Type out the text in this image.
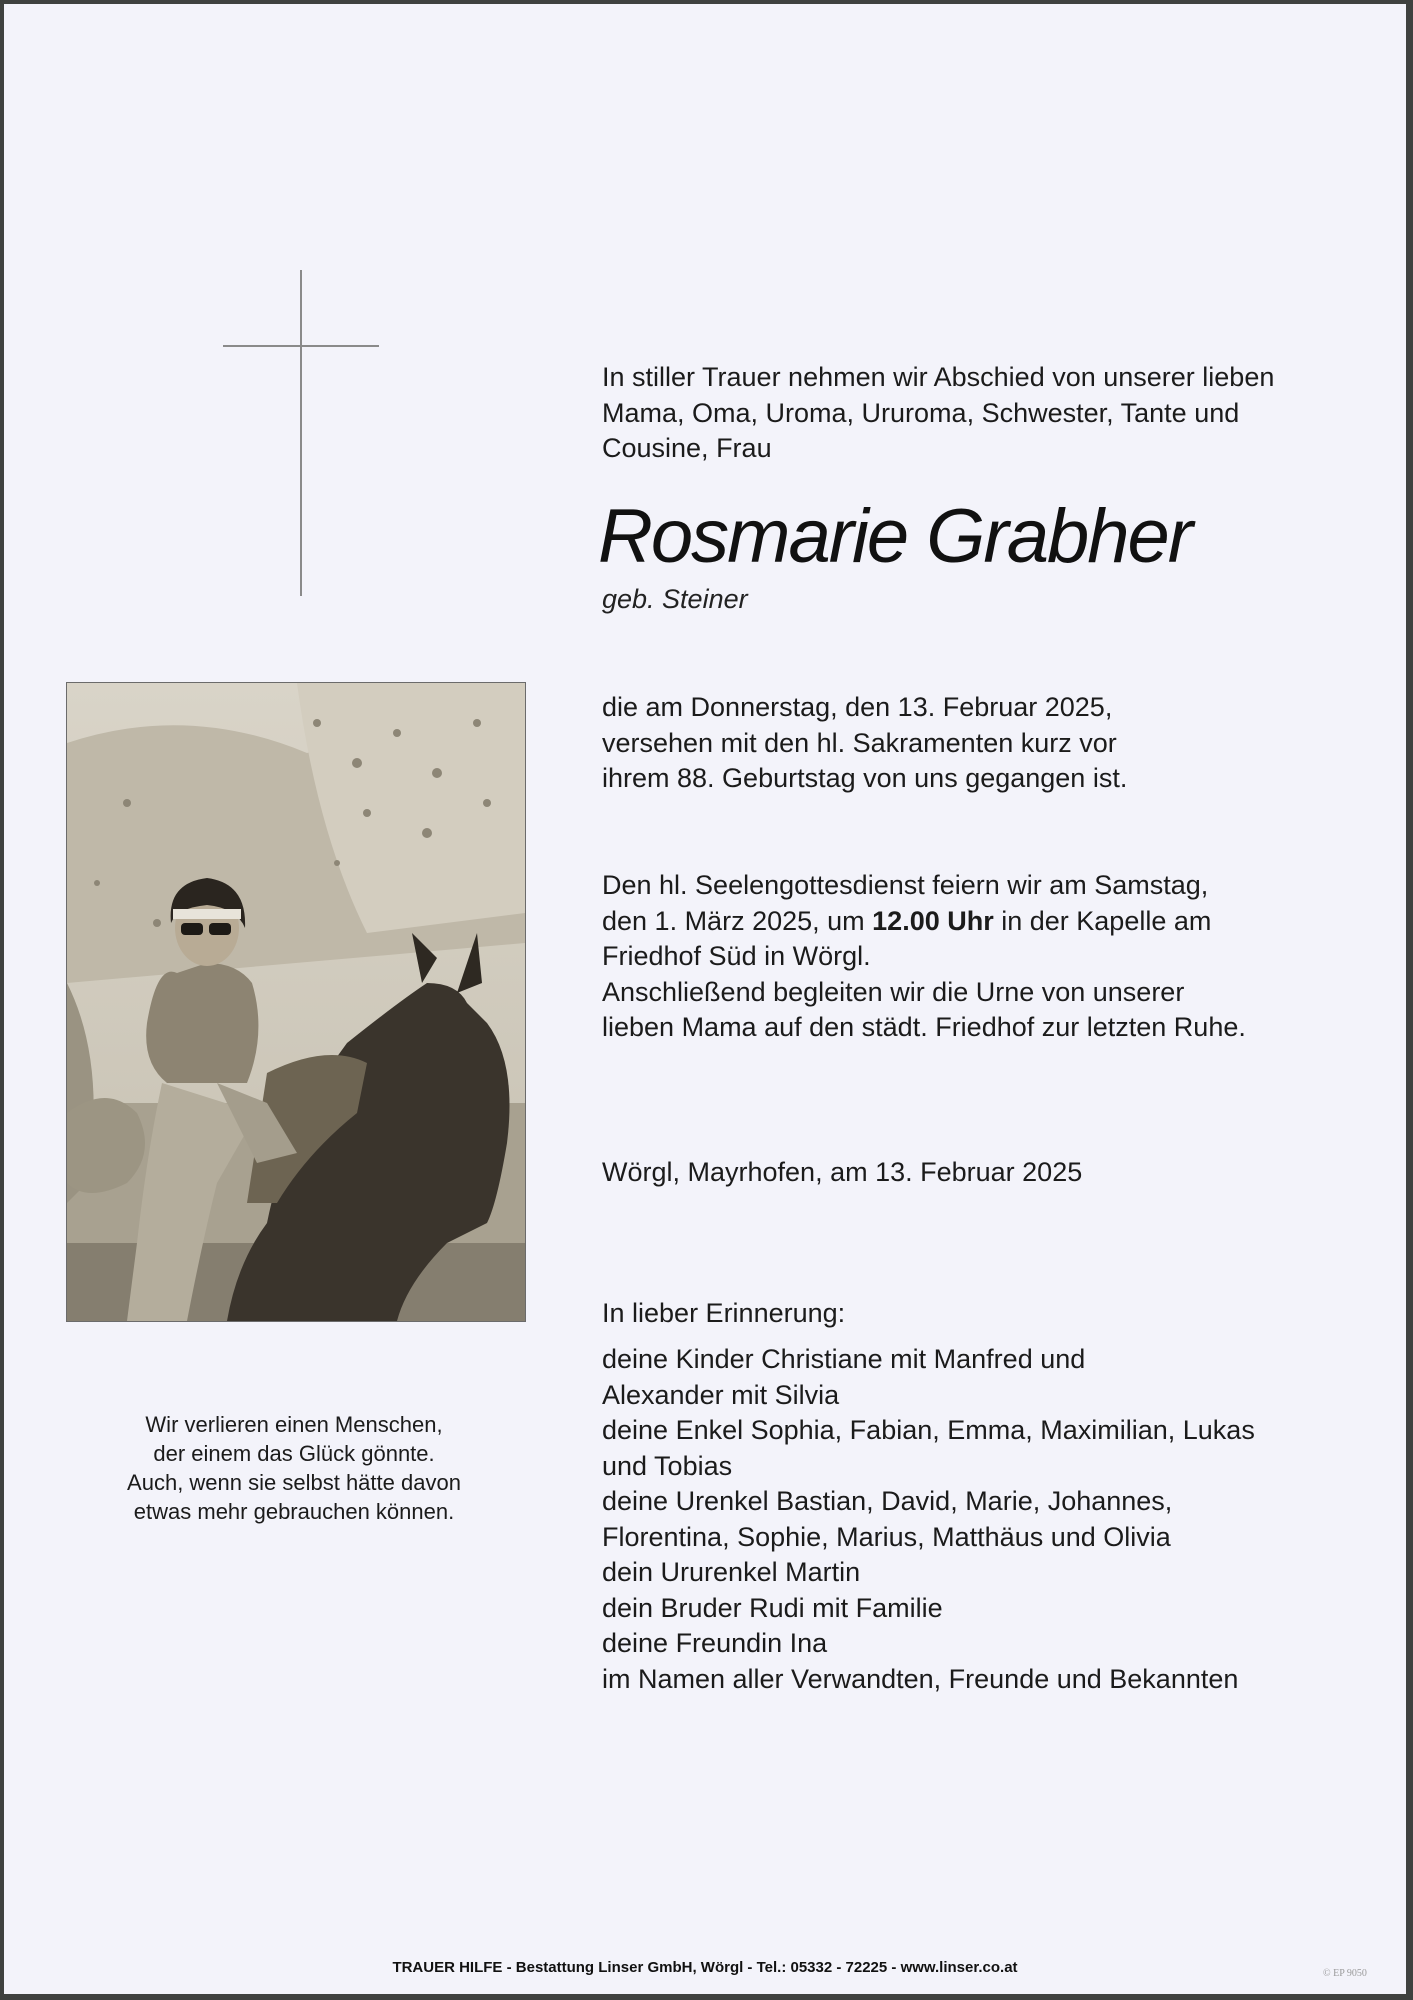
In stiller Trauer nehmen wir Abschied von unserer lieben
Mama, Oma, Uroma, Ururoma, Schwester, Tante und
Cousine, Frau
Rosmarie Grabher
geb. Steiner
die am Donnerstag, den 13. Februar 2025,
versehen mit den hl. Sakramenten kurz vor
ihrem 88. Geburtstag von uns gegangen ist.
Den hl. Seelengottesdienst feiern wir am Samstag,
den 1. März 2025, um 12.00 Uhr in der Kapelle am
Friedhof Süd in Wörgl.
Anschließend begleiten wir die Urne von unserer
lieben Mama auf den städt. Friedhof zur letzten Ruhe.
Wörgl, Mayrhofen, am 13. Februar 2025
In lieber Erinnerung:
deine Kinder Christiane mit Manfred und
Alexander mit Silvia
deine Enkel Sophia, Fabian, Emma, Maximilian, Lukas
und Tobias
deine Urenkel Bastian, David, Marie, Johannes,
Florentina, Sophie, Marius, Matthäus und Olivia
dein Ururenkel Martin
dein Bruder Rudi mit Familie
deine Freundin Ina
im Namen aller Verwandten, Freunde und Bekannten
Wir verlieren einen Menschen,
der einem das Glück gönnte.
Auch, wenn sie selbst hätte davon
etwas mehr gebrauchen können.
TRAUER HILFE - Bestattung Linser GmbH, Wörgl - Tel.: 05332 - 72225 - www.linser.co.at	© EP 9050
